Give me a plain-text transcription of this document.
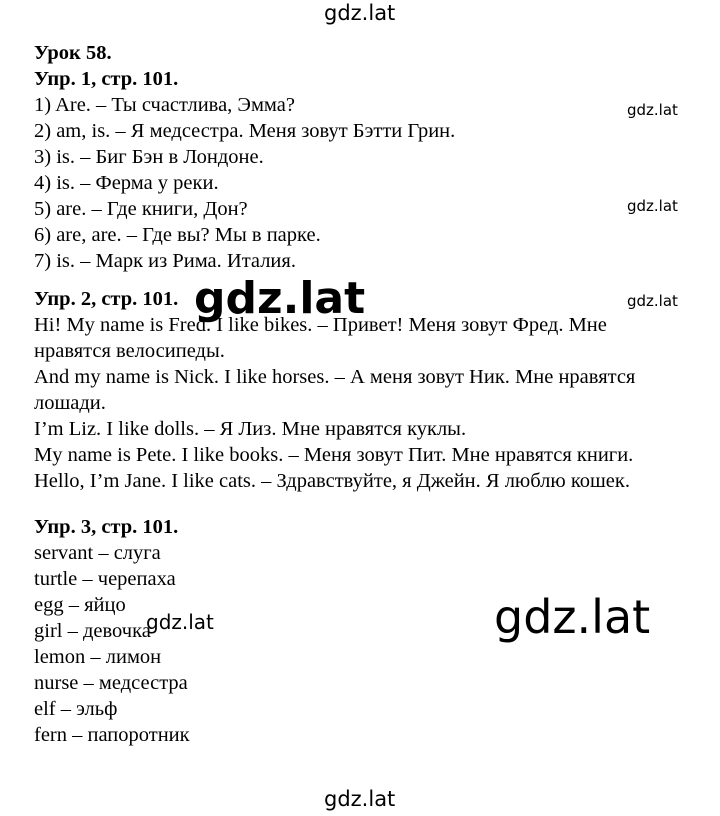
gdz.lat
gdz.lat
gdz.lat
gdz.lat
Урок 58.
Упр. 1, стр. 101.
1) Are. – Ты счастлива, Эмма?
2) am, is. – Я медсестра. Меня зовут Бэтти Грин.
3) is. – Биг Бэн в Лондоне.
4) is. – Ферма у реки.
5) are. – Где книги, Дон?
6) are, are. – Где вы? Мы в парке.
7) is. – Марк из Рима. Италия.
Упр. 2, стр. 101.
Hi! My name is Fred. I like bikes. – Привет! Меня зовут Фред. Мне
нравятся велосипеды.
And my name is Nick. I like horses. – А меня зовут Ник. Мне нравятся
лошади.
I’m Liz. I like dolls. – Я Лиз. Мне нравятся куклы.
My name is Pete. I like books. – Меня зовут Пит. Мне нравятся книги.
Hello, I’m Jane. I like cats. – Здравствуйте, я Джейн. Я люблю кошек.
Упр. 3, стр. 101.
servant – слуга
turtle – черепаха
egg – яйцо
girl – девочка
lemon – лимон
nurse – медсестра
elf – эльф
fern – папоротник
gdz.lat
gdz.lat	gdz.lat
gdz.lat
